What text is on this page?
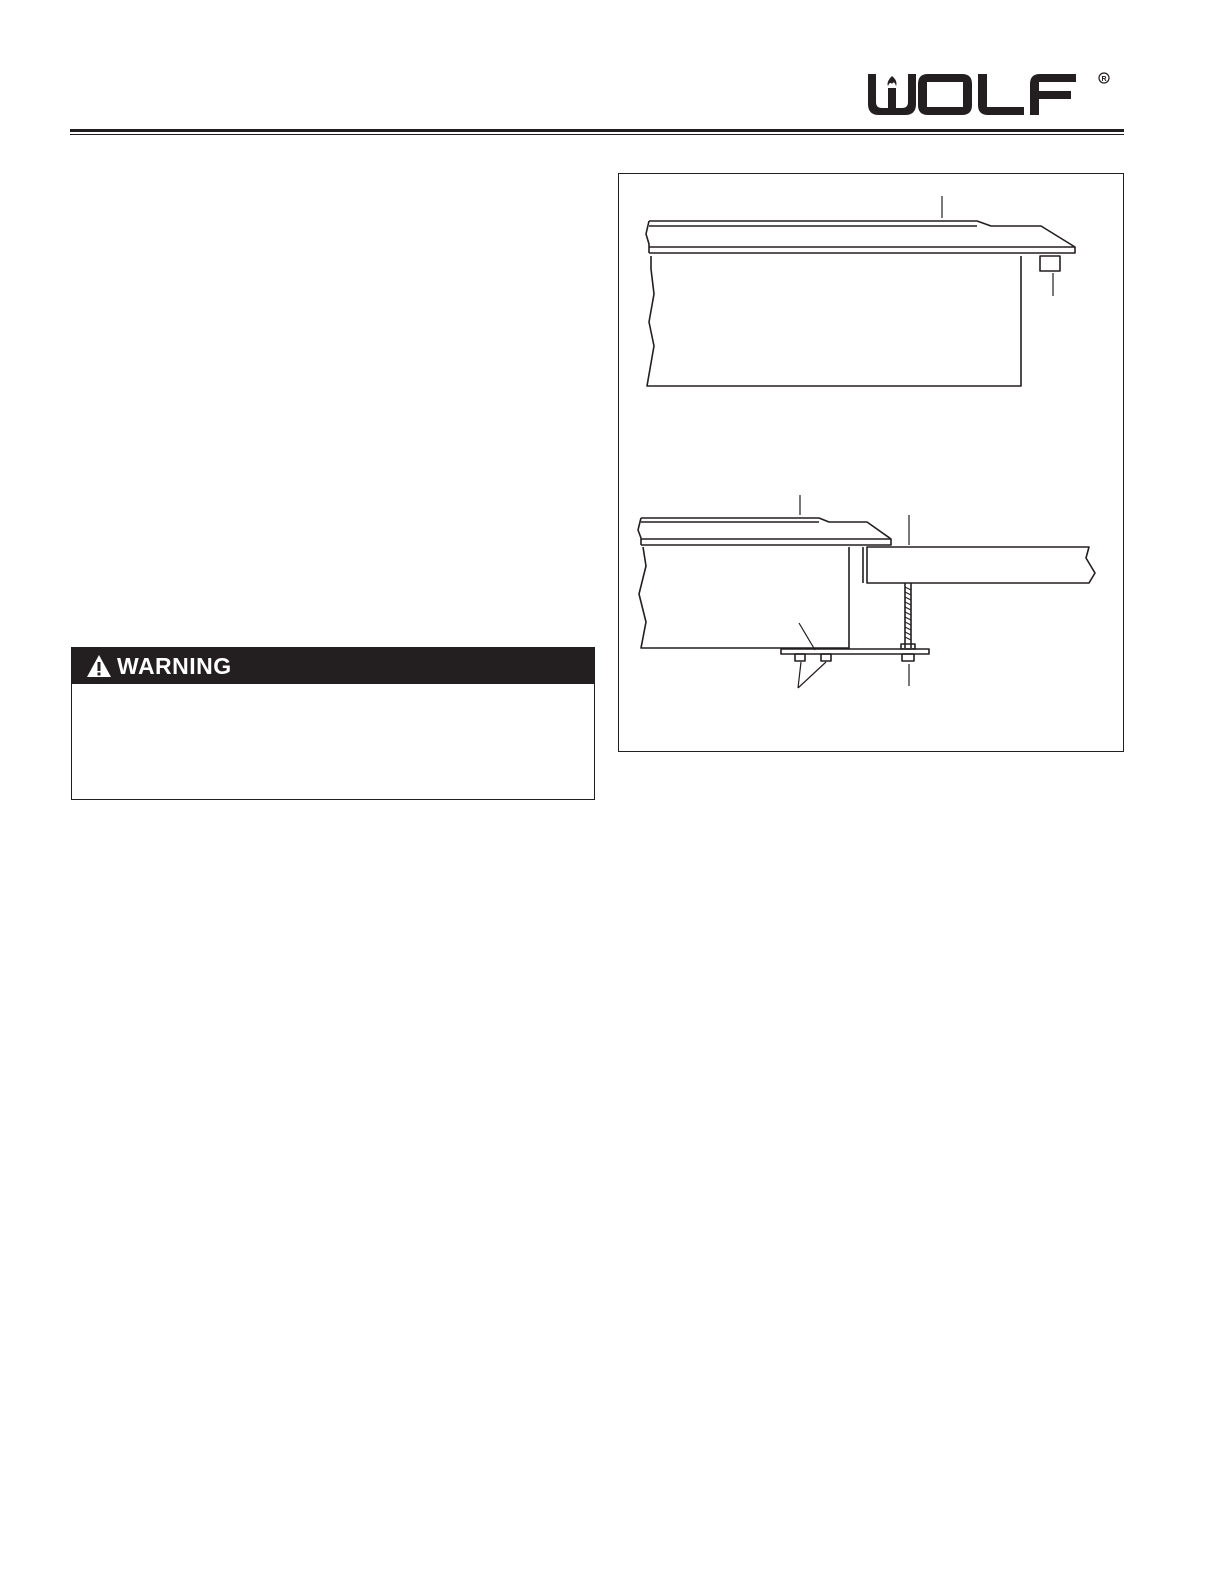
R
WARNING
